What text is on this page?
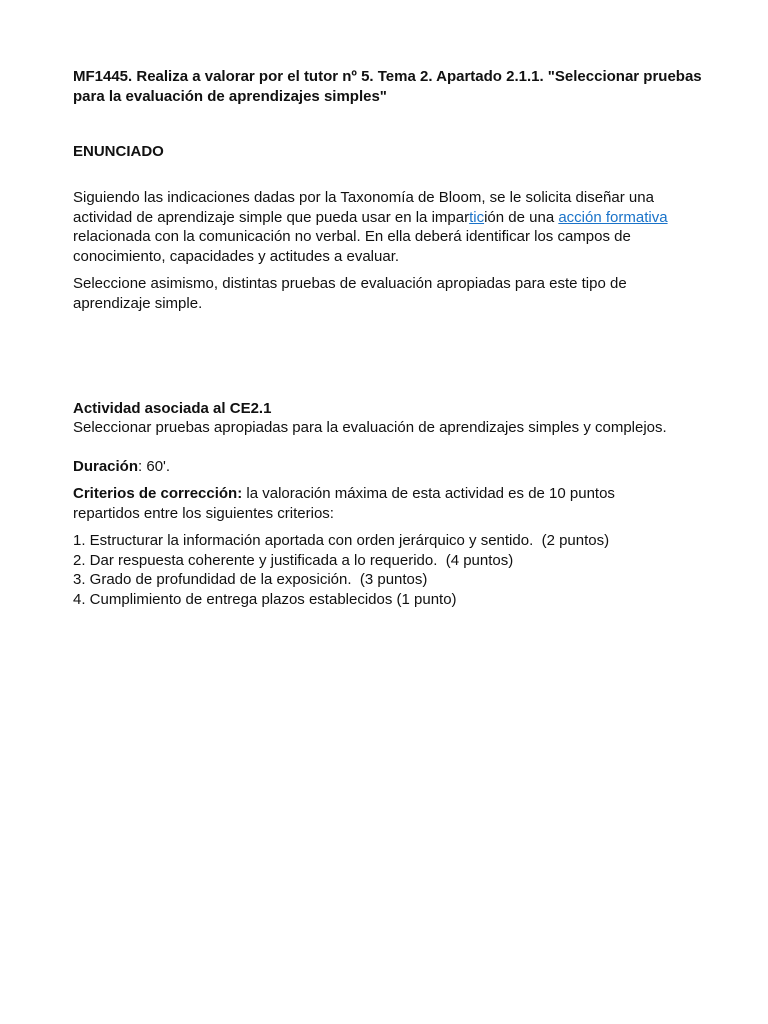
MF1445. Realiza a valorar por el tutor nº 5. Tema 2. Apartado 2.1.1. "Seleccionar pruebas para la evaluación de aprendizajes simples"

ENUNCIADO

Siguiendo las indicaciones dadas por la Taxonomía de Bloom, se le solicita diseñar una actividad de aprendizaje simple que pueda usar en la impartición de una acción formativa relacionada con la comunicación no verbal. En ella deberá identificar los campos de conocimiento, capacidades y actitudes a evaluar.

Seleccione asimismo, distintas pruebas de evaluación apropiadas para este tipo de aprendizaje simple.

Actividad asociada al CE2.1

Seleccionar pruebas apropiadas para la evaluación de aprendizajes simples y complejos.

Duración: 60'.

Criterios de corrección: la valoración máxima de esta actividad es de 10 puntos repartidos entre los siguientes criterios:

1. Estructurar la información aportada con orden jerárquico y sentido.  (2 puntos)
2. Dar respuesta coherente y justificada a lo requerido.  (4 puntos)
3. Grado de profundidad de la exposición.  (3 puntos)
4. Cumplimiento de entrega plazos establecidos (1 punto)
